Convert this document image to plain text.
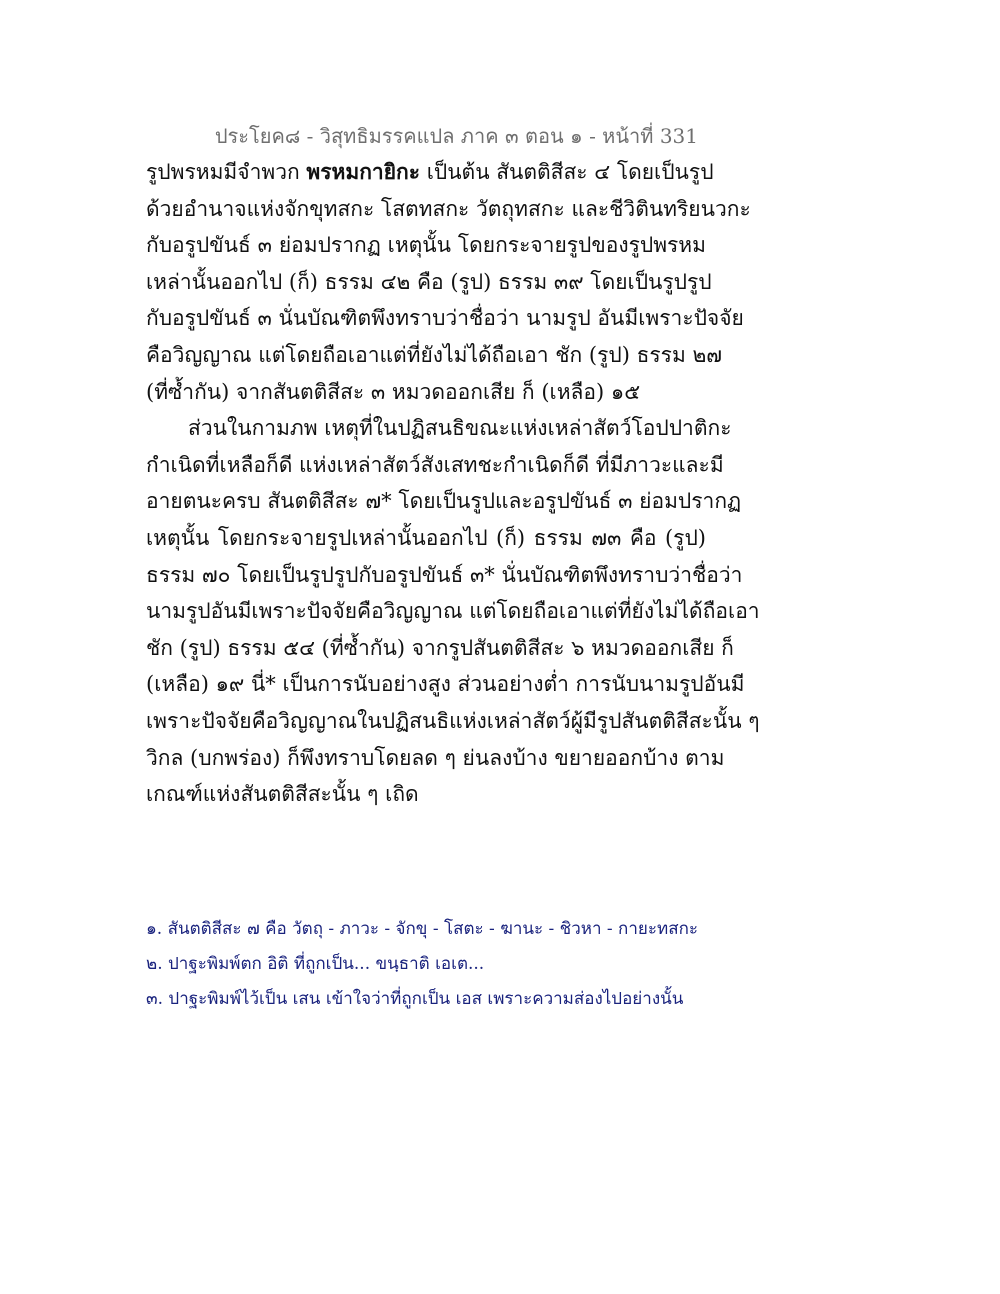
ประโยค๘ - วิสุทธิมรรคแปล ภาค ๓ ตอน ๑ - หน้าที่ 331
รูปพรหมมีจำพวก พรหมกายิกะ เป็นต้น สันตติสีสะ ๔ โดยเป็นรูป
ด้วยอำนาจแห่งจักขุทสกะ โสตทสกะ วัตถุทสกะ และชีวิตินทริยนวกะ
กับอรูปขันธ์ ๓ ย่อมปรากฏ เหตุนั้น โดยกระจายรูปของรูปพรหม
เหล่านั้นออกไป (ก็) ธรรม ๔๒ คือ (รูป) ธรรม ๓๙ โดยเป็นรูปรูป
กับอรูปขันธ์ ๓ นั่นบัณฑิตพึงทราบว่าชื่อว่า นามรูป อันมีเพราะปัจจัย
คือวิญญาณ แต่โดยถือเอาแต่ที่ยังไม่ได้ถือเอา ชัก (รูป) ธรรม ๒๗
(ที่ซ้ำกัน) จากสันตติสีสะ ๓ หมวดออกเสีย ก็ (เหลือ) ๑๕
ส่วนในกามภพ เหตุที่ในปฏิสนธิขณะแห่งเหล่าสัตว์โอปปาติกะ
กำเนิดที่เหลือก็ดี แห่งเหล่าสัตว์สังเสทชะกำเนิดก็ดี ที่มีภาวะและมี
อายตนะครบ สันตติสีสะ ๗* โดยเป็นรูปและอรูปขันธ์ ๓ ย่อมปรากฏ
เหตุนั้น โดยกระจายรูปเหล่านั้นออกไป (ก็) ธรรม ๗๓ คือ (รูป)
ธรรม ๗๐ โดยเป็นรูปรูปกับอรูปขันธ์ ๓* นั่นบัณฑิตพึงทราบว่าชื่อว่า
นามรูปอันมีเพราะปัจจัยคือวิญญาณ แต่โดยถือเอาแต่ที่ยังไม่ได้ถือเอา
ชัก (รูป) ธรรม ๕๔ (ที่ซ้ำกัน) จากรูปสันตติสีสะ ๖ หมวดออกเสีย ก็
(เหลือ) ๑๙ นี่* เป็นการนับอย่างสูง ส่วนอย่างต่ำ การนับนามรูปอันมี
เพราะปัจจัยคือวิญญาณในปฏิสนธิแห่งเหล่าสัตว์ผู้มีรูปสันตติสีสะนั้น ๆ
วิกล (บกพร่อง) ก็พึงทราบโดยลด ๆ ย่นลงบ้าง ขยายออกบ้าง ตาม
เกณฑ์แห่งสันตติสีสะนั้น ๆ เถิด
๑. สันตติสีสะ ๗ คือ วัตถุ - ภาวะ - จักขุ - โสตะ - ฆานะ - ชิวหา - กายะทสกะ
๒. ปาฐะพิมพ์ตก อิติ ที่ถูกเป็น... ขนฺธาติ เอเต...
๓. ปาฐะพิมพ์ไว้เป็น เสน เข้าใจว่าที่ถูกเป็น เอส เพราะความส่องไปอย่างนั้น
